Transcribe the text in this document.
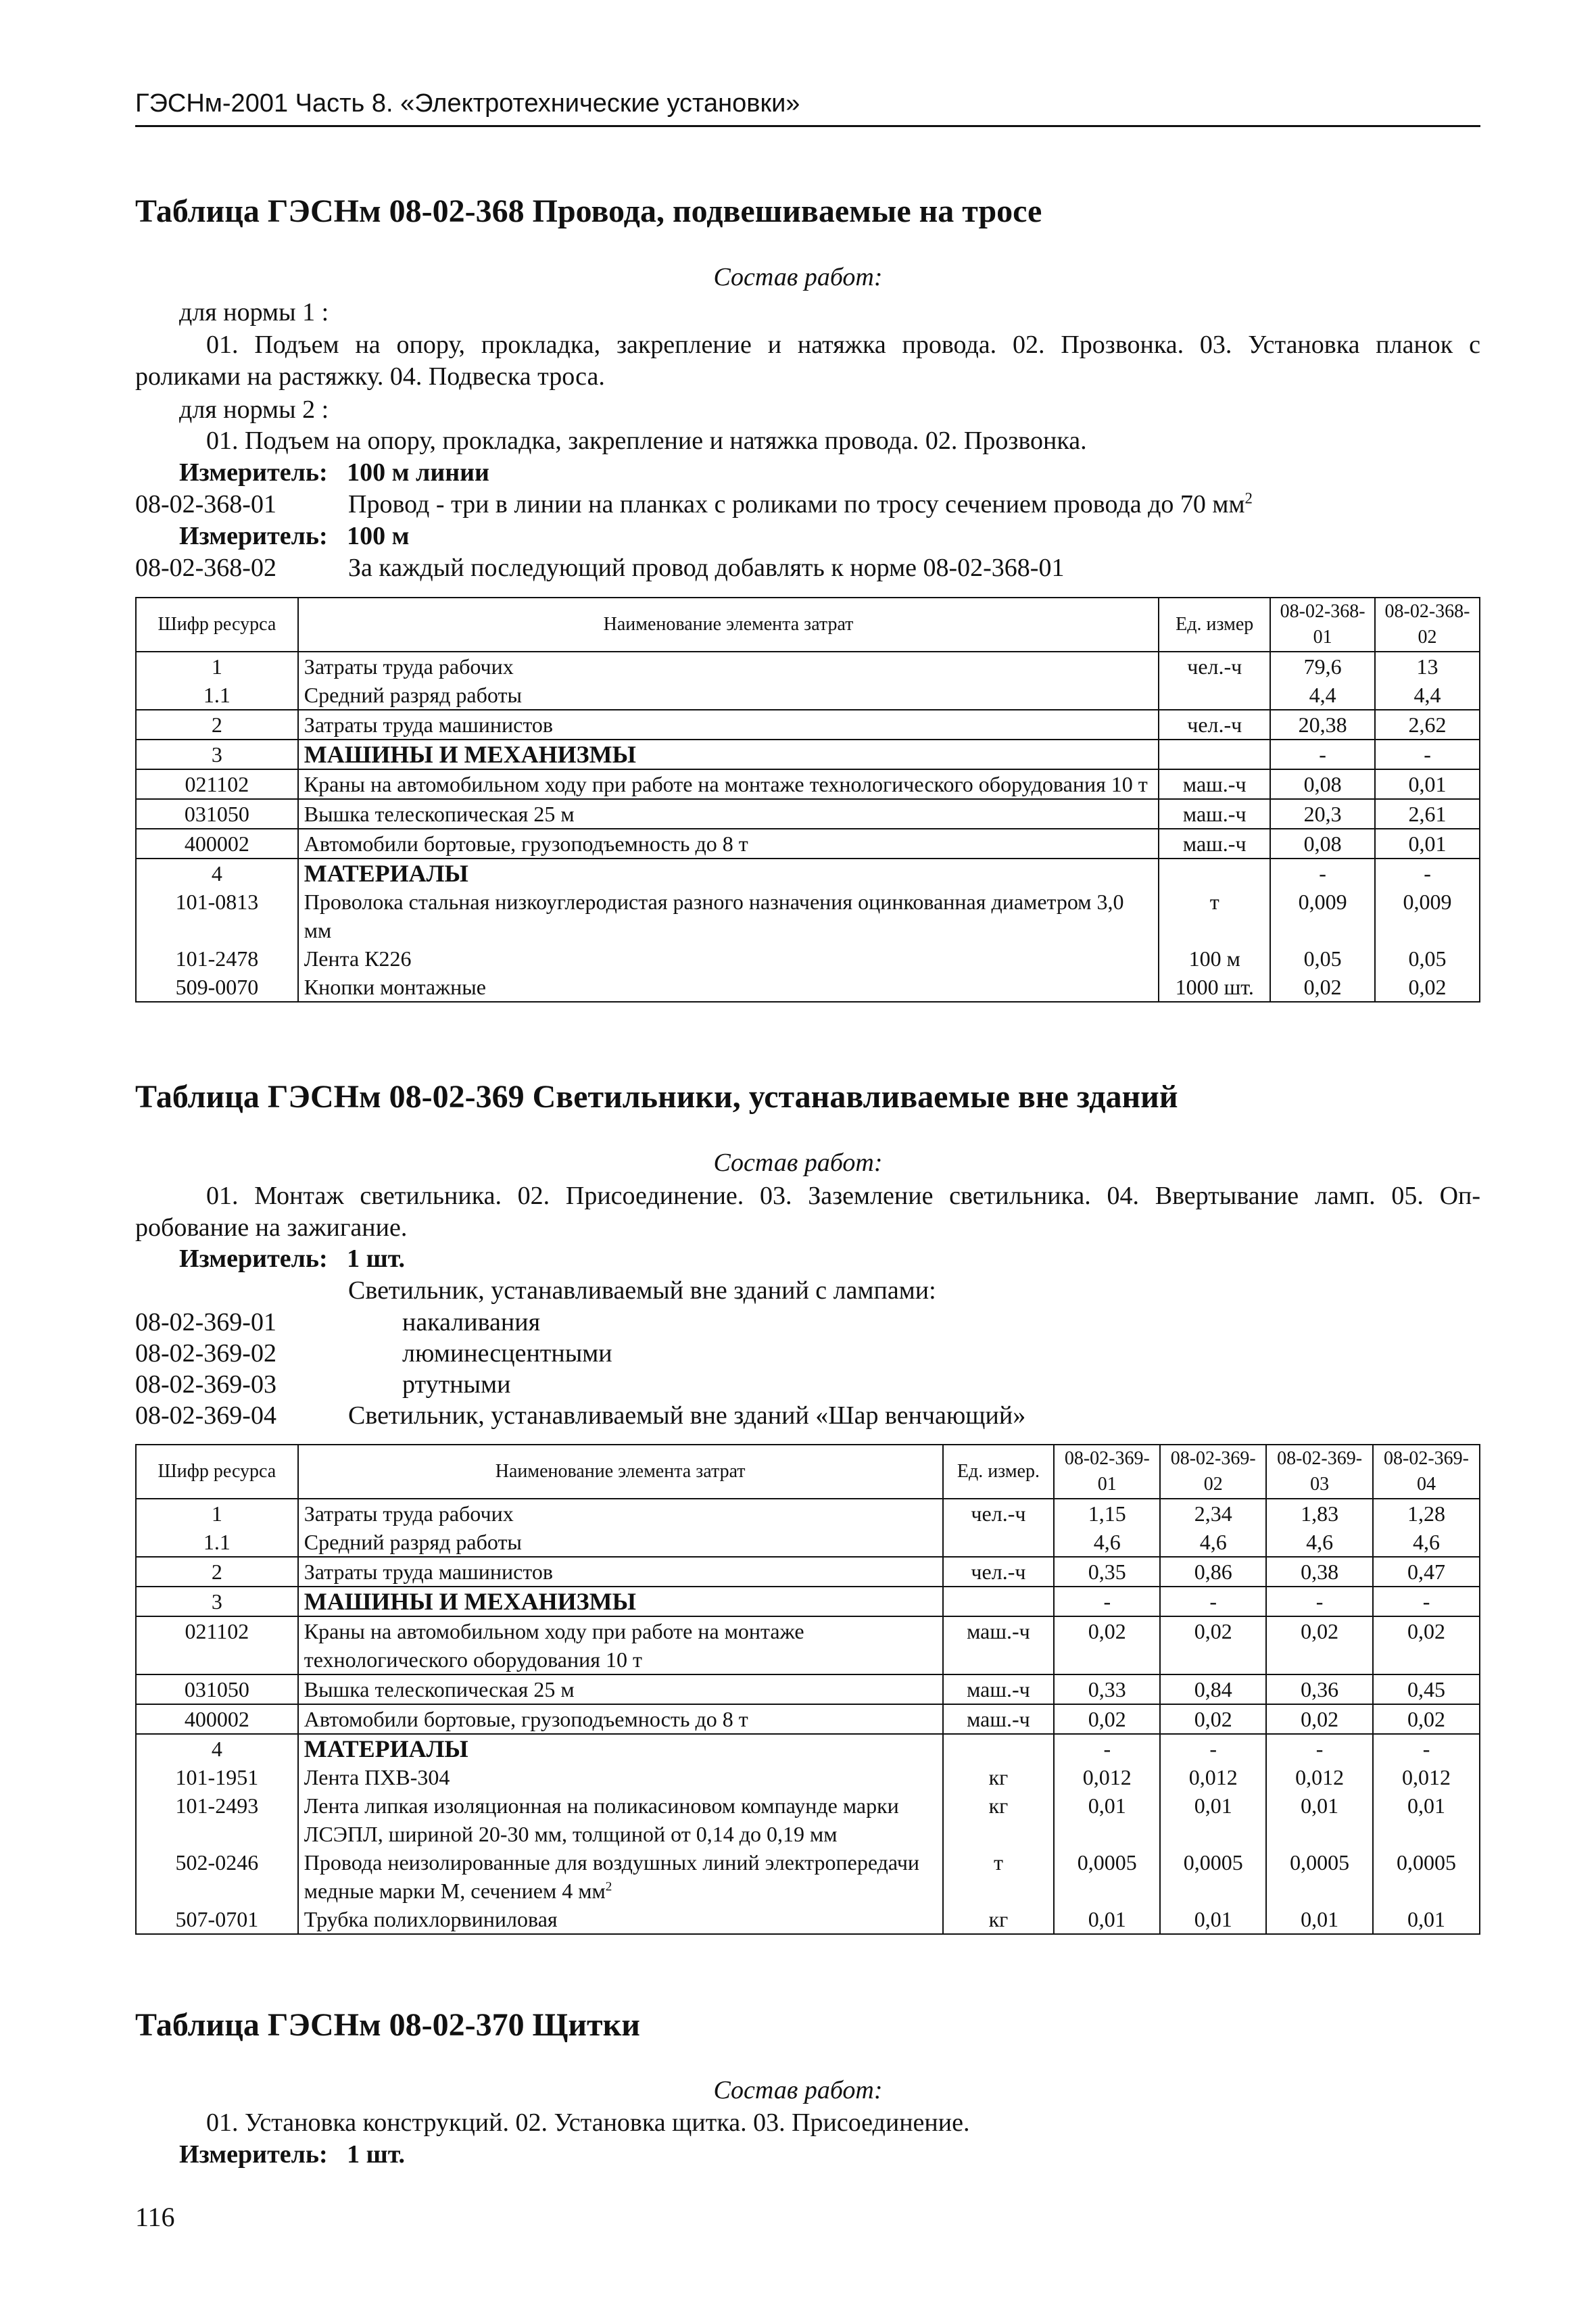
ГЭСНм-2001 Часть 8. «Электротехнические установки»
Таблица ГЭСНм 08-02-368 Провода, подвешиваемые на тросе
Состав работ:
для нормы 1 :
01. Подъем на опору, прокладка, закрепление и натяжка провода. 02. Прозвонка. 03. Установка планок с
роликами на растяжку. 04. Подвеска троса.
для нормы 2 :
01. Подъем на опору, прокладка, закрепление и натяжка провода. 02. Прозвонка.
Измеритель: 100 м линии
08-02-368-01	Провод - три в линии на планках с роликами по тросу сечением провода до 70 $мм^2$
Измеритель: 100 м
08-02-368-02	За каждый последующий провод добавлять к норме 08-02-368-01
Шифр ресурса	Наименование элемента затрат	Ед. измер	08-02-368-01	08-02-368-02
1	Затраты труда рабочих	чел.-ч	79,6	13
1.1	Средний разряд работы		4,4	4,4
2	Затраты труда машинистов	чел.-ч	20,38	2,62
3	МАШИНЫ И МЕХАНИЗМЫ		-	-
021102	Краны на автомобильном ходу при работе на монтаже технологического оборудования 10 т	маш.-ч	0,08	0,01
031050	Вышка телескопическая 25 м	маш.-ч	20,3	2,61
400002	Автомобили бортовые, грузоподъемность до 8 т	маш.-ч	0,08	0,01
4	МАТЕРИАЛЫ		-	-
101-0813	Проволока стальная низкоуглеродистая разного назначения оцинкованная диаметром 3,0 мм	т	0,009	0,009
101-2478	Лента К226	100 м	0,05	0,05
509-0070	Кнопки монтажные	1000 шт.	0,02	0,02
Таблица ГЭСНм 08-02-369 Светильники, устанавливаемые вне зданий
Состав работ:
01. Монтаж светильника. 02. Присоединение. 03. Заземление светильника. 04. Ввертывание ламп. 05. Оп-
робование на зажигание.
Измеритель: 1 шт.
Светильник, устанавливаемый вне зданий с лампами:
08-02-369-01	накаливания
08-02-369-02	люминесцентными
08-02-369-03	ртутными
08-02-369-04	Светильник, устанавливаемый вне зданий «Шар венчающий»
Шифр ресурса	Наименование элемента затрат	Ед. измер.	08-02-369-01	08-02-369-02	08-02-369-03	08-02-369-04
1	Затраты труда рабочих	чел.-ч	1,15	2,34	1,83	1,28
1.1	Средний разряд работы		4,6	4,6	4,6	4,6
2	Затраты труда машинистов	чел.-ч	0,35	0,86	0,38	0,47
3	МАШИНЫ И МЕХАНИЗМЫ		-	-	-	-
021102	Краны на автомобильном ходу при работе на монтаже технологического оборудования 10 т	маш.-ч	0,02	0,02	0,02	0,02
031050	Вышка телескопическая 25 м	маш.-ч	0,33	0,84	0,36	0,45
400002	Автомобили бортовые, грузоподъемность до 8 т	маш.-ч	0,02	0,02	0,02	0,02
4	МАТЕРИАЛЫ		-	-	-	-
101-1951	Лента ПХВ-304	кг	0,012	0,012	0,012	0,012
101-2493	Лента липкая изоляционная на поликасиновом компаунде марки ЛСЭПЛ, шириной 20-30 мм, толщиной от 0,14 до 0,19 мм	кг	0,01	0,01	0,01	0,01
502-0246	Провода неизолированные для воздушных линий электропередачи медные марки М, сечением 4 $мм^2$	т	0,0005	0,0005	0,0005	0,0005
507-0701	Трубка полихлорвиниловая	кг	0,01	0,01	0,01	0,01
Таблица ГЭСНм 08-02-370 Щитки
Состав работ:
01. Установка конструкций. 02. Установка щитка. 03. Присоединение.
Измеритель: 1 шт.
116
